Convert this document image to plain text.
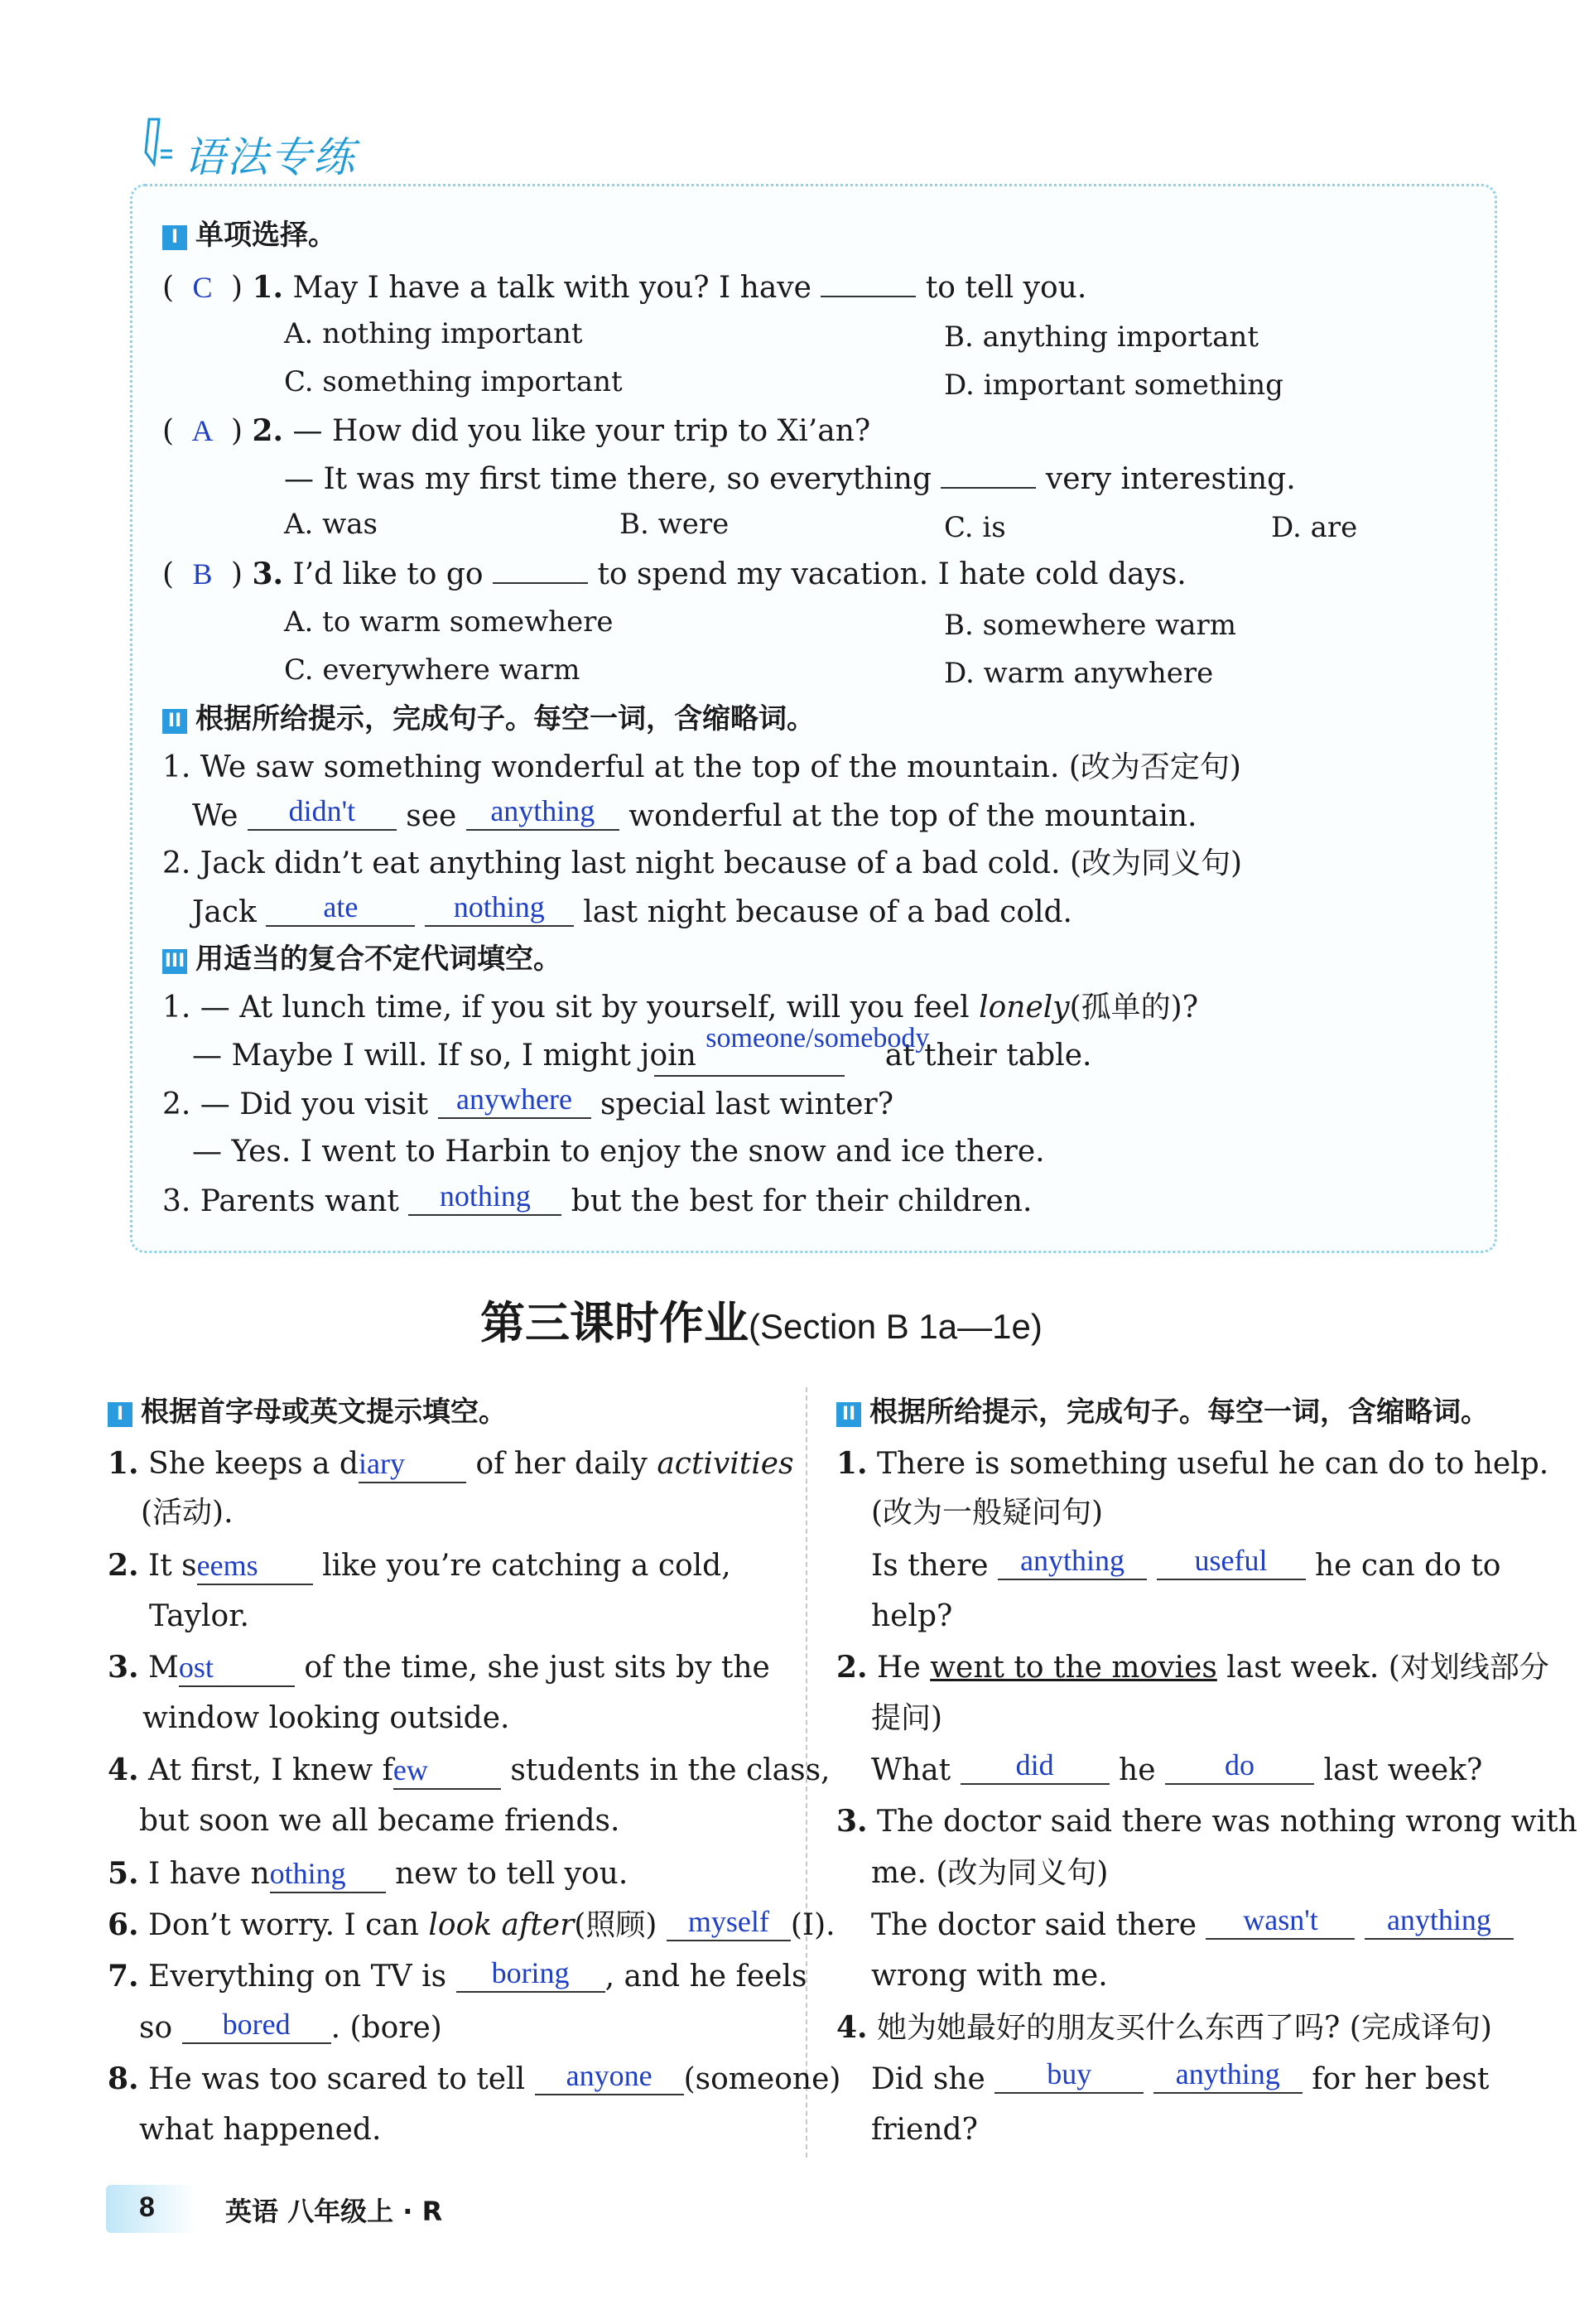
语法专练
I 单项选择。
( C ) 1. May I have a talk with you? I have	to tell you.
A. nothing important	B. anything important
C. something important	D. important something
( A ) 2. — How did you like your trip to Xi’an?
— It was my first time there, so everything	very interesting.
A. was	B. were	C. is	D. are
( B ) 3. I’d like to go	to spend my vacation. I hate cold days.
A. to warm somewhere	B. somewhere warm
C. everywhere warm	D. warm anywhere
II 根据所给提示，完成句子。每空一词，含缩略词。
1. We saw something wonderful at the top of the mountain. (改为否定句)
We didn't see anything wonderful at the top of the mountain.
2. Jack didn’t eat anything last night because of a bad cold. (改为同义句)
Jack ate	nothing last night because of a bad cold.
III 用适当的复合不定代词填空。
1. — At lunch time, if you sit by yourself, will you feel lonely(孤单的)?
— Maybe I will. If so, I might join someone/somebody at their table.
2. — Did you visit anywhere special last winter?
— Yes. I went to Harbin to enjoy the snow and ice there.
3. Parents want nothing but the best for their children.
第三课时作业(Section B 1a—1e)
I 根据首字母或英文提示填空。
1. She keeps a diary of her daily activities
(活动).
2. It seems like you’re catching a cold,
Taylor.
3. Most	of the time, she just sits by the
window looking outside.
4. At first, I knew few	students in the class,
but soon we all became friends.
5. I have nothing new to tell you.
6. Don’t worry. I can look after(照顾) myself (I).
7. Everything on TV is boring , and he feels
so bored . (bore)
8. He was too scared to tell anyone (someone)
what happened.
II 根据所给提示，完成句子。每空一词，含缩略词。
1. There is something useful he can do to help.
(改为一般疑问句)
Is there anything useful he can do to
help?
2. He went to the movies last week. (对划线部分
提问)
What did he do last week?
3. The doctor said there was nothing wrong with
me. (改为同义句)
The doctor said there wasn't anything
wrong with me.
4. 她为她最好的朋友买什么东西了吗? (完成译句)
Did she buy	anything for her best
friend?
8	英语 八年级上 · R
